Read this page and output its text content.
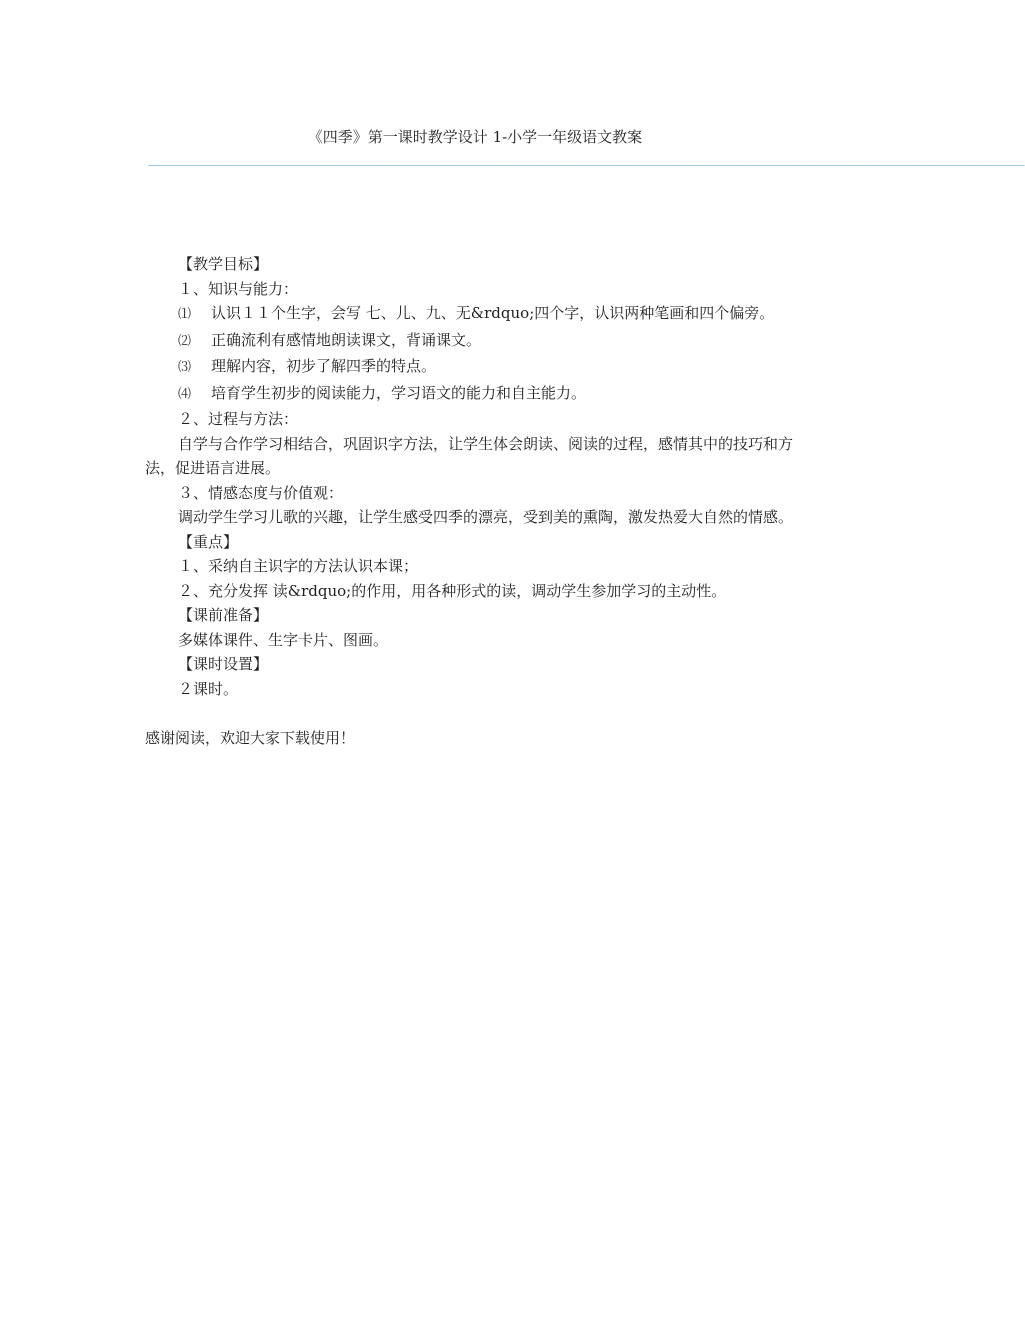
《四季》第一课时教学设计 1-小学一年级语文教案
________________________________________________________________________________________________________

【教学目标】

１、知识与能力：

⑴ 认识１１个生字，会写 七、儿、九、无&rdquo;四个字，认识两种笔画和四个偏旁。

⑵ 正确流利有感情地朗读课文，背诵课文。

⑶ 理解内容，初步了解四季的特点。

⑷ 培育学生初步的阅读能力，学习语文的能力和自主能力。

２、过程与方法：

自学与合作学习相结合，巩固识字方法，让学生体会朗读、阅读的过程，感情其中的技巧和方法，促进语言进展。

３、情感态度与价值观：

调动学生学习儿歌的兴趣，让学生感受四季的漂亮，受到美的熏陶，激发热爱大自然的情感。

【重点】

１、采纳自主识字的方法认识本课；

２、充分发挥 读&rdquo;的作用，用各种形式的读，调动学生参加学习的主动性。

【课前准备】

多媒体课件、生字卡片、图画。

【课时设置】

２课时。

感谢阅读，欢迎大家下载使用！
